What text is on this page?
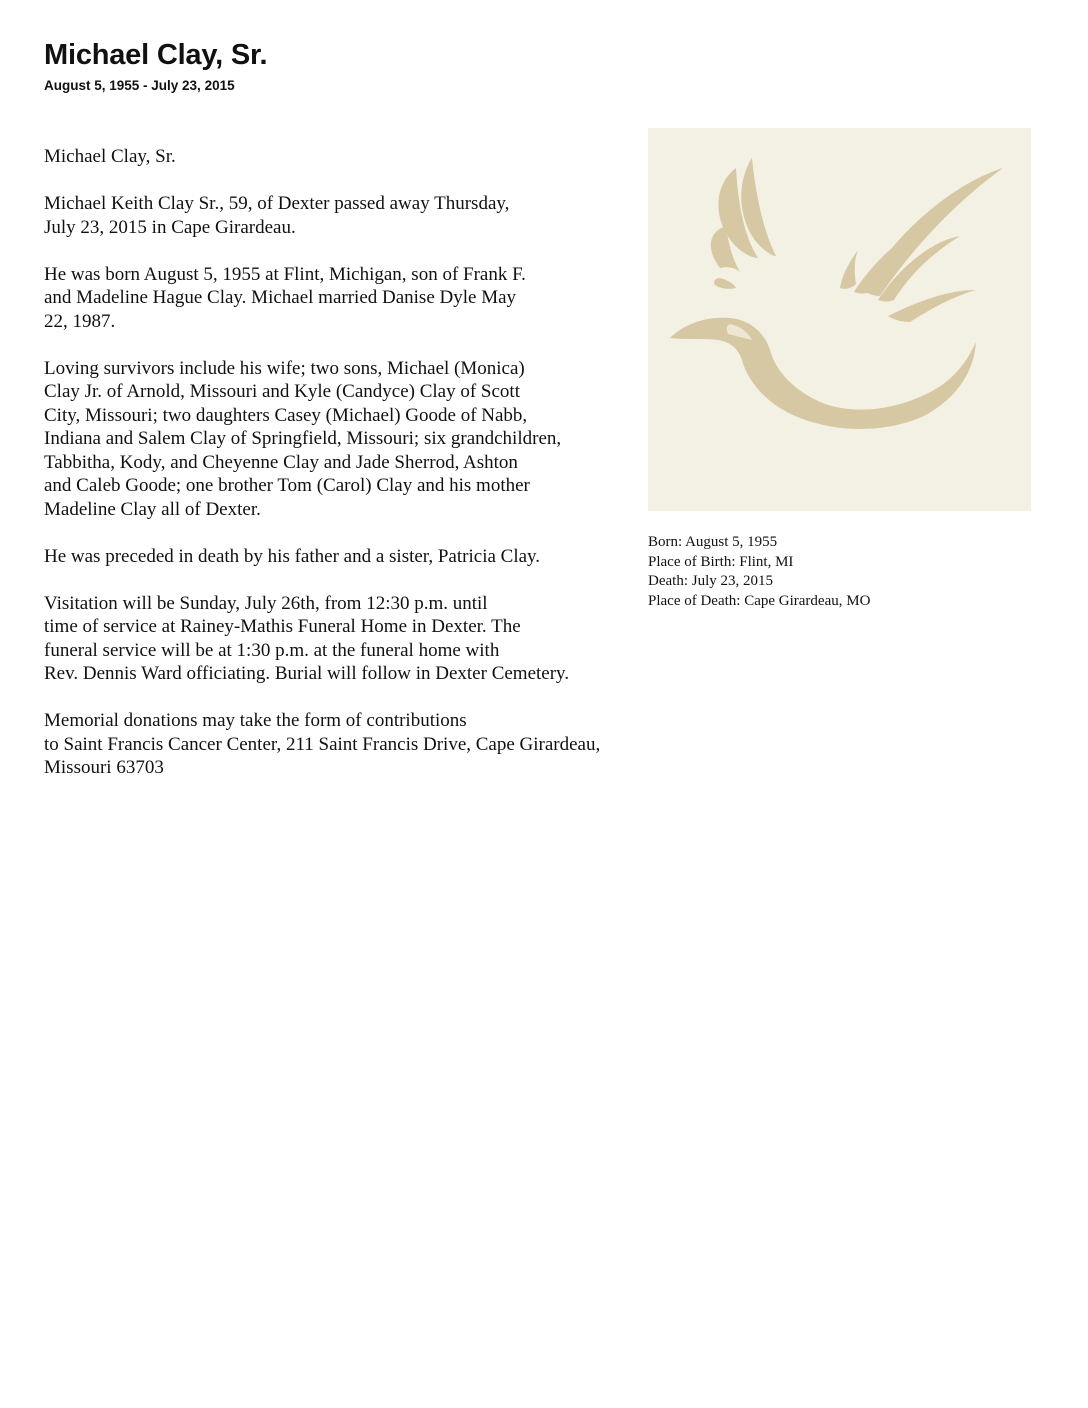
Michael Clay, Sr.
August 5, 1955 - July 23, 2015

Michael Clay, Sr.

Michael Keith Clay Sr., 59, of Dexter passed away Thursday,
July 23, 2015 in Cape Girardeau.

He was born August 5, 1955 at Flint, Michigan, son of Frank F.
and Madeline Hague Clay. Michael married Danise Dyle May
22, 1987.

Loving survivors include his wife; two sons, Michael (Monica)
Clay Jr. of Arnold, Missouri and Kyle (Candyce) Clay of Scott
City, Missouri; two daughters Casey (Michael) Goode of Nabb,
Indiana and Salem Clay of Springfield, Missouri; six grandchildren,
Tabbitha, Kody, and Cheyenne Clay and Jade Sherrod, Ashton
and Caleb Goode; one brother Tom (Carol) Clay and his mother
Madeline Clay all of Dexter.

He was preceded in death by his father and a sister, Patricia Clay.

Visitation will be Sunday, July 26th, from 12:30 p.m. until
time of service at Rainey-Mathis Funeral Home in Dexter. The
funeral service will be at 1:30 p.m. at the funeral home with
Rev. Dennis Ward officiating. Burial will follow in Dexter Cemetery.

Memorial donations may take the form of contributions
to Saint Francis Cancer Center, 211 Saint Francis Drive, Cape Girardeau,
Missouri 63703

Born: August 5, 1955
Place of Birth: Flint, MI
Death: July 23, 2015
Place of Death: Cape Girardeau, MO
